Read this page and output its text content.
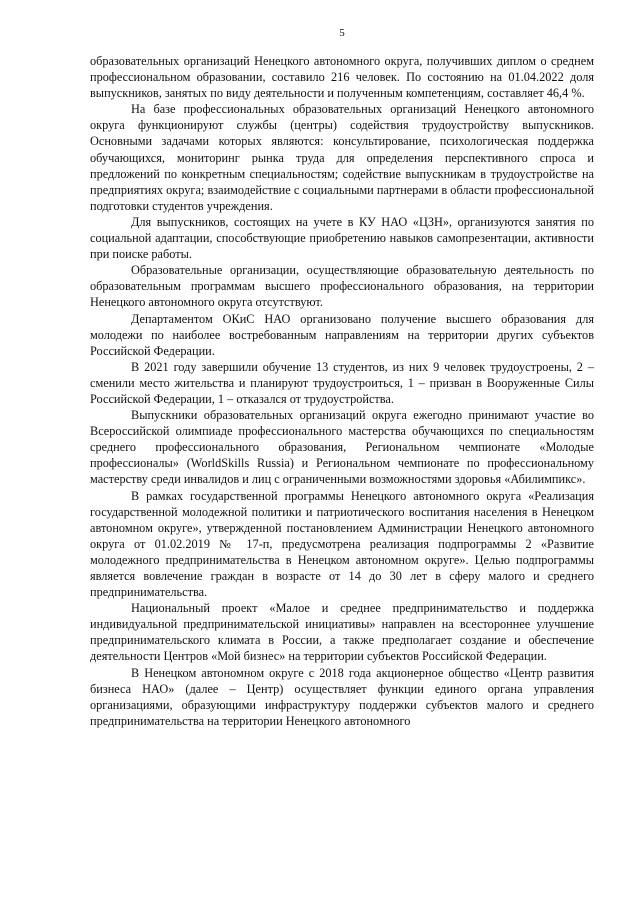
5

образовательных организаций Ненецкого автономного округа, получивших диплом о среднем профессиональном образовании, составило 216 человек. По состоянию на 01.04.2022 доля выпускников, занятых по виду деятельности и полученным компетенциям, составляет 46,4 %.

На базе профессиональных образовательных организаций Ненецкого автономного округа функционируют службы (центры) содействия трудоустройству выпускников. Основными задачами которых являются: консультирование, психологическая поддержка обучающихся, мониторинг рынка труда для определения перспективного спроса и предложений по конкретным специальностям; содействие выпускникам в трудоустройстве на предприятиях округа; взаимодействие с социальными партнерами в области профессиональной подготовки студентов учреждения.

Для выпускников, состоящих на учете в КУ НАО «ЦЗН», организуются занятия по социальной адаптации, способствующие приобретению навыков самопрезентации, активности при поиске работы.

Образовательные организации, осуществляющие образовательную деятельность по образовательным программам высшего профессионального образования, на территории Ненецкого автономного округа отсутствуют.

Департаментом ОКиС НАО организовано получение высшего образования для молодежи по наиболее востребованным направлениям на территории других субъектов Российской Федерации.

В 2021 году завершили обучение 13 студентов, из них 9 человек трудоустроены, 2 – сменили место жительства и планируют трудоустроиться, 1 – призван в Вооруженные Силы Российской Федерации, 1 – отказался от трудоустройства.

Выпускники образовательных организаций округа ежегодно принимают участие во Всероссийской олимпиаде профессионального мастерства обучающихся по специальностям среднего профессионального образования, Региональном чемпионате «Молодые профессионалы» (WorldSkills Russia) и Региональном чемпионате по профессиональному мастерству среди инвалидов и лиц с ограниченными возможностями здоровья «Абилимпикс».

В рамках государственной программы Ненецкого автономного округа «Реализация государственной молодежной политики и патриотического воспитания населения в Ненецком автономном округе», утвержденной постановлением Администрации Ненецкого автономного округа от 01.02.2019 № 17-п, предусмотрена реализация подпрограммы 2 «Развитие молодежного предпринимательства в Ненецком автономном округе». Целью подпрограммы является вовлечение граждан в возрасте от 14 до 30 лет в сферу малого и среднего предпринимательства.

Национальный проект «Малое и среднее предпринимательство и поддержка индивидуальной предпринимательской инициативы» направлен на всестороннее улучшение предпринимательского климата в России, а также предполагает создание и обеспечение деятельности Центров «Мой бизнес» на территории субъектов Российской Федерации.

В Ненецком автономном округе с 2018 года акционерное общество «Центр развития бизнеса НАО» (далее – Центр) осуществляет функции единого органа управления организациями, образующими инфраструктуру поддержки субъектов малого и среднего предпринимательства на территории Ненецкого автономного
